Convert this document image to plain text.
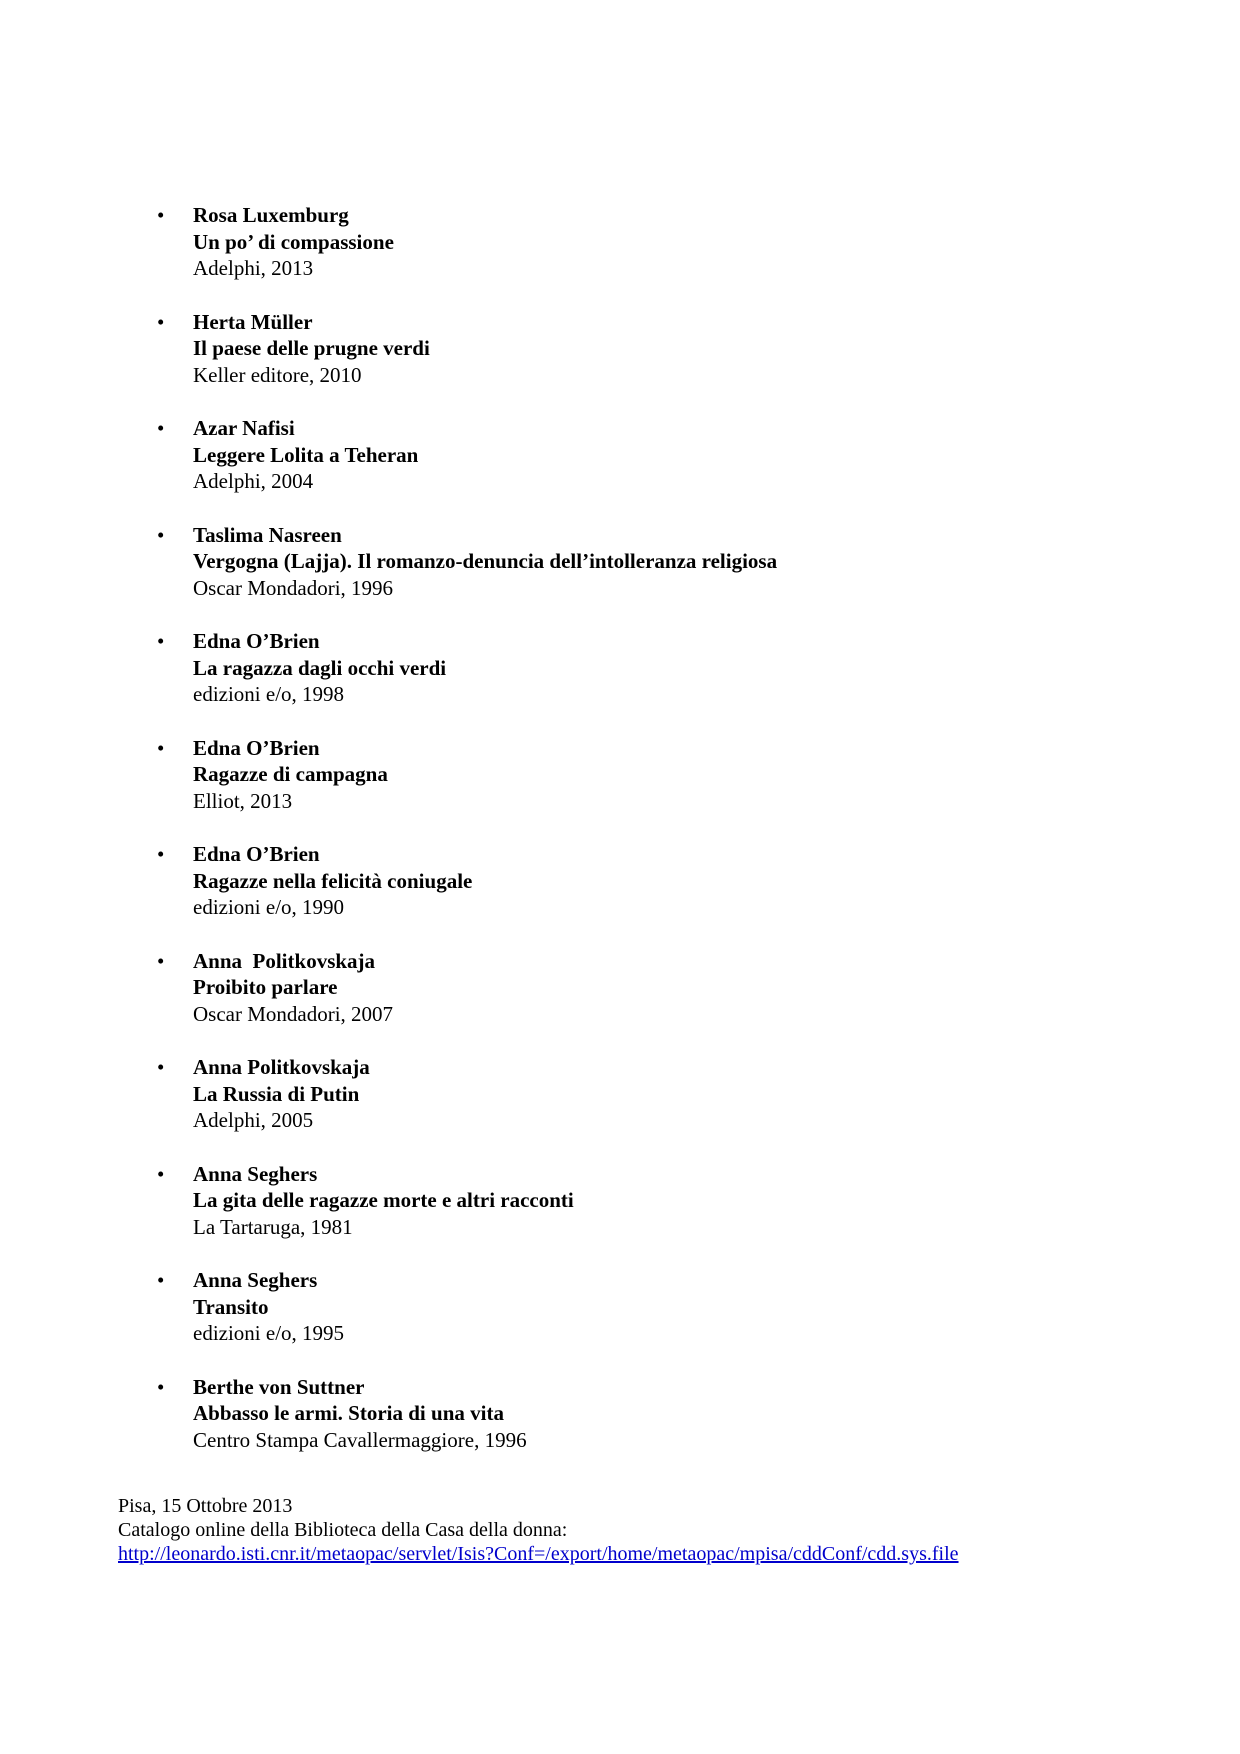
• Rosa Luxemburg
Un po’ di compassione
Adelphi, 2013
• Herta Müller
Il paese delle prugne verdi
Keller editore, 2010
• Azar Nafisi
Leggere Lolita a Teheran
Adelphi, 2004
• Taslima Nasreen
Vergogna (Lajja). Il romanzo-denuncia dell’intolleranza religiosa
Oscar Mondadori, 1996
• Edna O’Brien
La ragazza dagli occhi verdi
edizioni e/o, 1998
• Edna O’Brien
Ragazze di campagna
Elliot, 2013
• Edna O’Brien
Ragazze nella felicità coniugale
edizioni e/o, 1990
• Anna  Politkovskaja
Proibito parlare
Oscar Mondadori, 2007
• Anna Politkovskaja
La Russia di Putin
Adelphi, 2005
• Anna Seghers
La gita delle ragazze morte e altri racconti
La Tartaruga, 1981
• Anna Seghers
Transito
edizioni e/o, 1995
• Berthe von Suttner
Abbasso le armi. Storia di una vita
Centro Stampa Cavallermaggiore, 1996
Pisa, 15 Ottobre 2013
Catalogo online della Biblioteca della Casa della donna:
http://leonardo.isti.cnr.it/metaopac/servlet/Isis?Conf=/export/home/metaopac/mpisa/cddConf/cdd.sys.file
